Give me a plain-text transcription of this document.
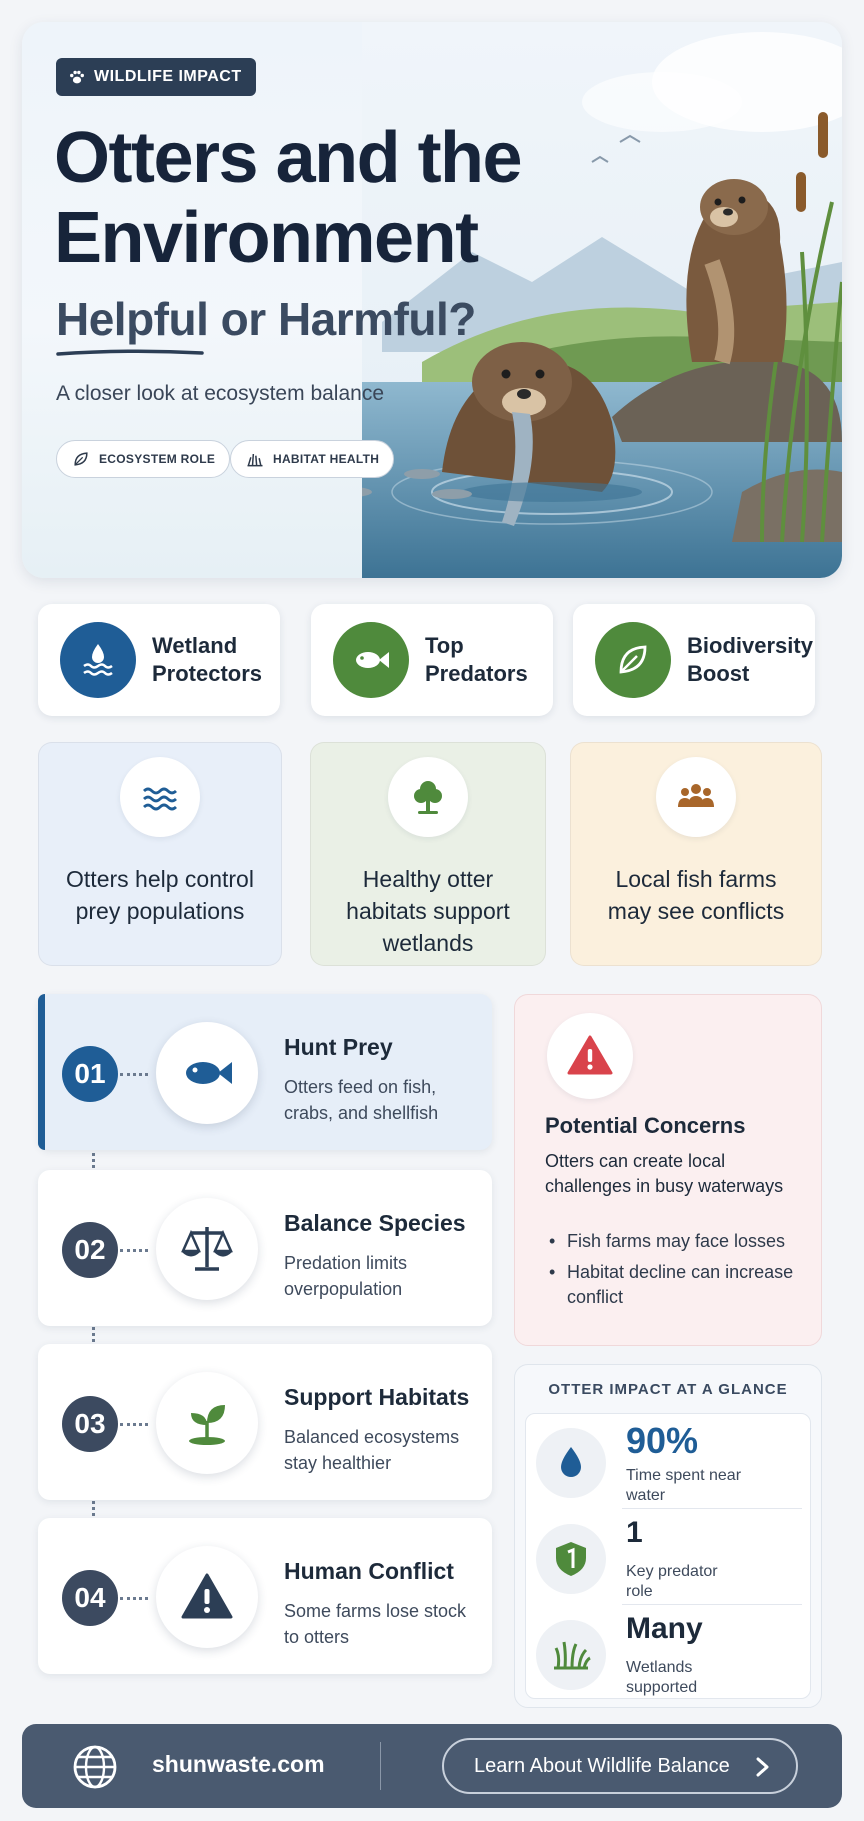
WILDLIFE IMPACT
Otters and the Environment
Helpful or Harmful?
A closer look at ecosystem balance
ECOSYSTEM ROLE	HABITAT HEALTH
Wetland Protectors
Top Predators
Biodiversity Boost
Otters help control prey populations
Healthy otter habitats support wetlands
Local fish farms may see conflicts
01
Hunt Prey
Otters feed on fish, crabs, and shellfish
02
Balance Species
Predation limits overpopulation
03
Support Habitats
Balanced ecosystems stay healthier
04
Human Conflict
Some farms lose stock to otters
Potential Concerns
Otters can create local challenges in busy waterways
• Fish farms may face losses
• Habitat decline can increase conflict
OTTER IMPACT AT A GLANCE
90%
Time spent near water
1
Key predator role
Many
Wetlands supported
shunwaste.com	Learn About Wildlife Balance
